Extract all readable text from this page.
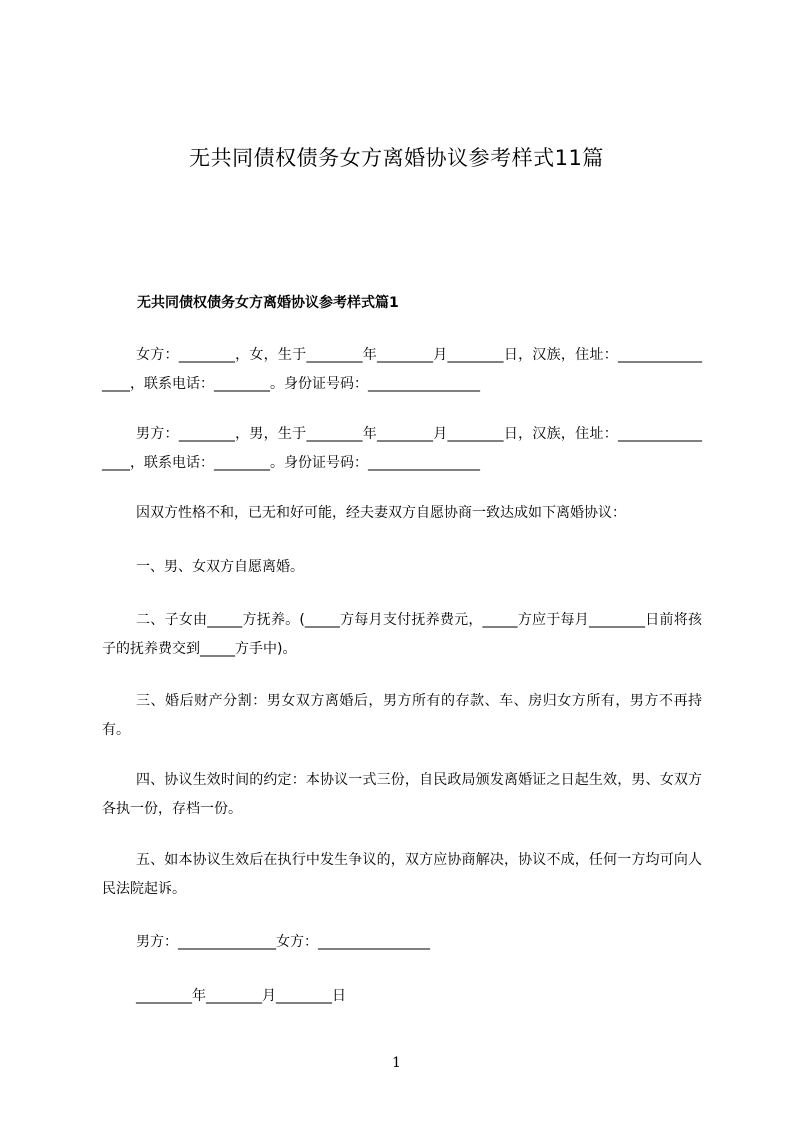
无共同债权债务女方离婚协议参考样式11篇
无共同债权债务女方离婚协议参考样式篇1

女方：________，女，生于________年________月________日，汉族，住址：________________，联系电话：________。身份证号码：________________

男方：________，男，生于________年________月________日，汉族，住址：________________，联系电话：________。身份证号码：________________

因双方性格不和，已无和好可能，经夫妻双方自愿协商一致达成如下离婚协议：

一、男、女双方自愿离婚。

二、子女由_____方抚养。(_____方每月支付抚养费元，_____方应于每月________日前将孩子的抚养费交到_____方手中)。

三、婚后财产分割：男女双方离婚后，男方所有的存款、车、房归女方所有，男方不再持有。

四、协议生效时间的约定：本协议一式三份，自民政局颁发离婚证之日起生效，男、女双方各执一份，存档一份。

五、如本协议生效后在执行中发生争议的，双方应协商解决，协议不成，任何一方均可向人民法院起诉。

男方：______________女方：________________
________年________月________日
1
